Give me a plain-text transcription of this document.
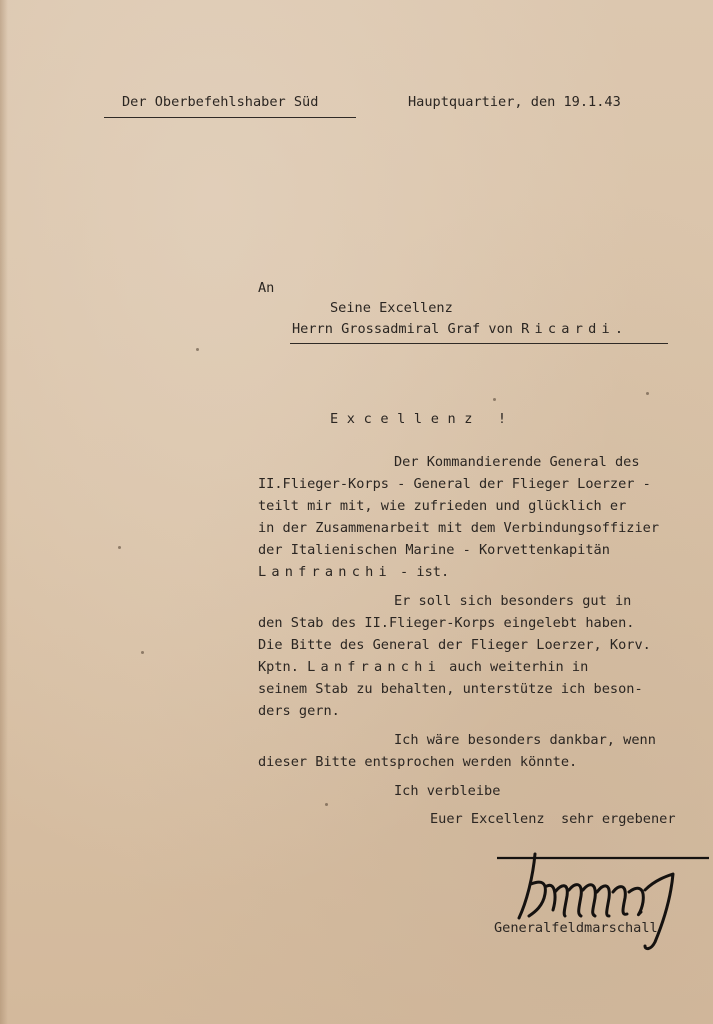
Der Oberbefehlshaber Süd	Hauptquartier, den 19.1.43
An
Seine Excellenz
Herrn Grossadmiral Graf von Ricardi.
Excellenz !
Der Kommandierende General des
II.Flieger-Korps - General der Flieger Loerzer -
teilt mir mit, wie zufrieden und glücklich er
in der Zusammenarbeit mit dem Verbindungsoffizier
der Italienischen Marine - Korvettenkapitän
Lanfranchi - ist.
Er soll sich besonders gut in
den Stab des II.Flieger-Korps eingelebt haben.
Die Bitte des General der Flieger Loerzer, Korv.
Kptn. Lanfranchi auch weiterhin in
seinem Stab zu behalten, unterstütze ich beson-
ders gern.
Ich wäre besonders dankbar, wenn
dieser Bitte entsprochen werden könnte.
Ich verbleibe
Euer Excellenz  sehr ergebener
Generalfeldmarschall
